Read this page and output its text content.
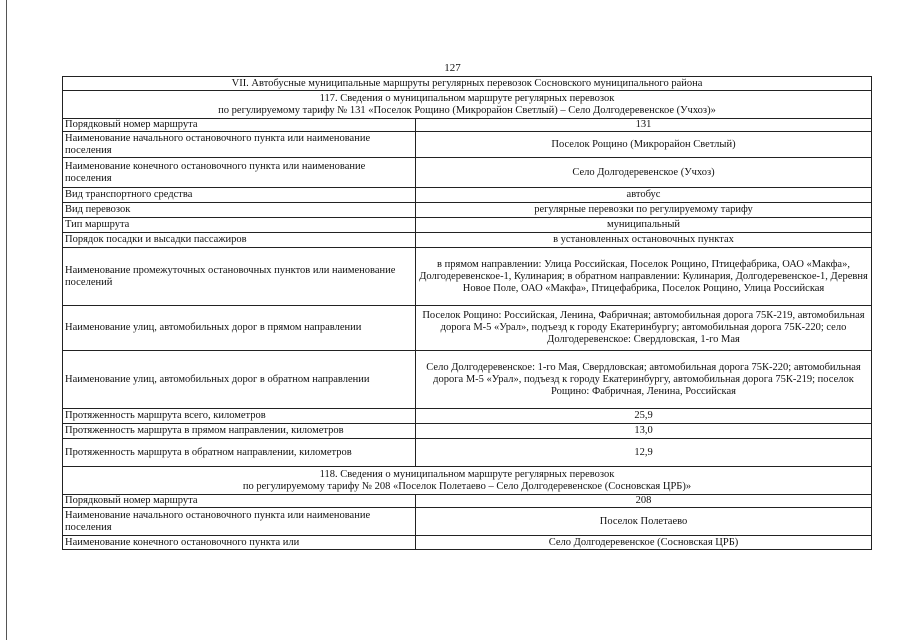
127
VII. Автобусные муниципальные маршруты регулярных перевозок Сосновского муниципального района	

117. Сведения о муниципальном маршруте регулярных перевозок
по регулируемому тарифу № 131 «Поселок Рощино (Микрорайон Светлый) – Село Долгодеревенское (Учхоз)»	

Порядковый номер маршрута	131
Наименование начального остановочного пункта или наименование поселения	Поселок Рощино (Микрорайон Светлый)
Наименование конечного остановочного пункта или наименование поселения	Село Долгодеревенское (Учхоз)
Вид транспортного средства	автобус
Вид перевозок	регулярные перевозки по регулируемому тарифу
Тип маршрута	муниципальный
Порядок посадки и высадки пассажиров	в установленных остановочных пунктах
Наименование промежуточных остановочных пунктов или наименование поселений	в прямом направлении: Улица Российская, Поселок Рощино, Птицефабрика, ОАО «Макфа», Долгодеревенское-1, Кулинария; в обратном направлении: Кулинария, Долгодеревенское-1, Деревня Новое Поле, ОАО «Макфа», Птицефабрика, Поселок Рощино, Улица Российская
Наименование улиц, автомобильных дорог в прямом направлении	Поселок Рощино: Российская, Ленина, Фабричная; автомобильная дорога 75К-219, автомобильная дорога М-5 «Урал», подъезд к городу Екатеринбургу; автомобильная дорога 75К-220; село Долгодеревенское: Свердловская, 1-го Мая
Наименование улиц, автомобильных дорог в обратном направлении	Село Долгодеревенское: 1-го Мая, Свердловская; автомобильная дорога 75К-220; автомобильная дорога М-5 «Урал», подъезд к городу Екатеринбургу, автомобильная дорога 75К-219; поселок Рощино: Фабричная, Ленина, Российская
Протяженность маршрута всего, километров	25,9
Протяженность маршрута в прямом направлении, километров	13,0
Протяженность маршрута в обратном направлении, километров	12,9

118. Сведения о муниципальном маршруте регулярных перевозок
по регулируемому тарифу № 208 «Поселок Полетаево – Село Долгодеревенское (Сосновская ЦРБ)»	

Порядковый номер маршрута	208
Наименование начального остановочного пункта или наименование поселения	Поселок Полетаево
Наименование конечного остановочного пункта или	Село Долгодеревенское (Сосновская ЦРБ)
